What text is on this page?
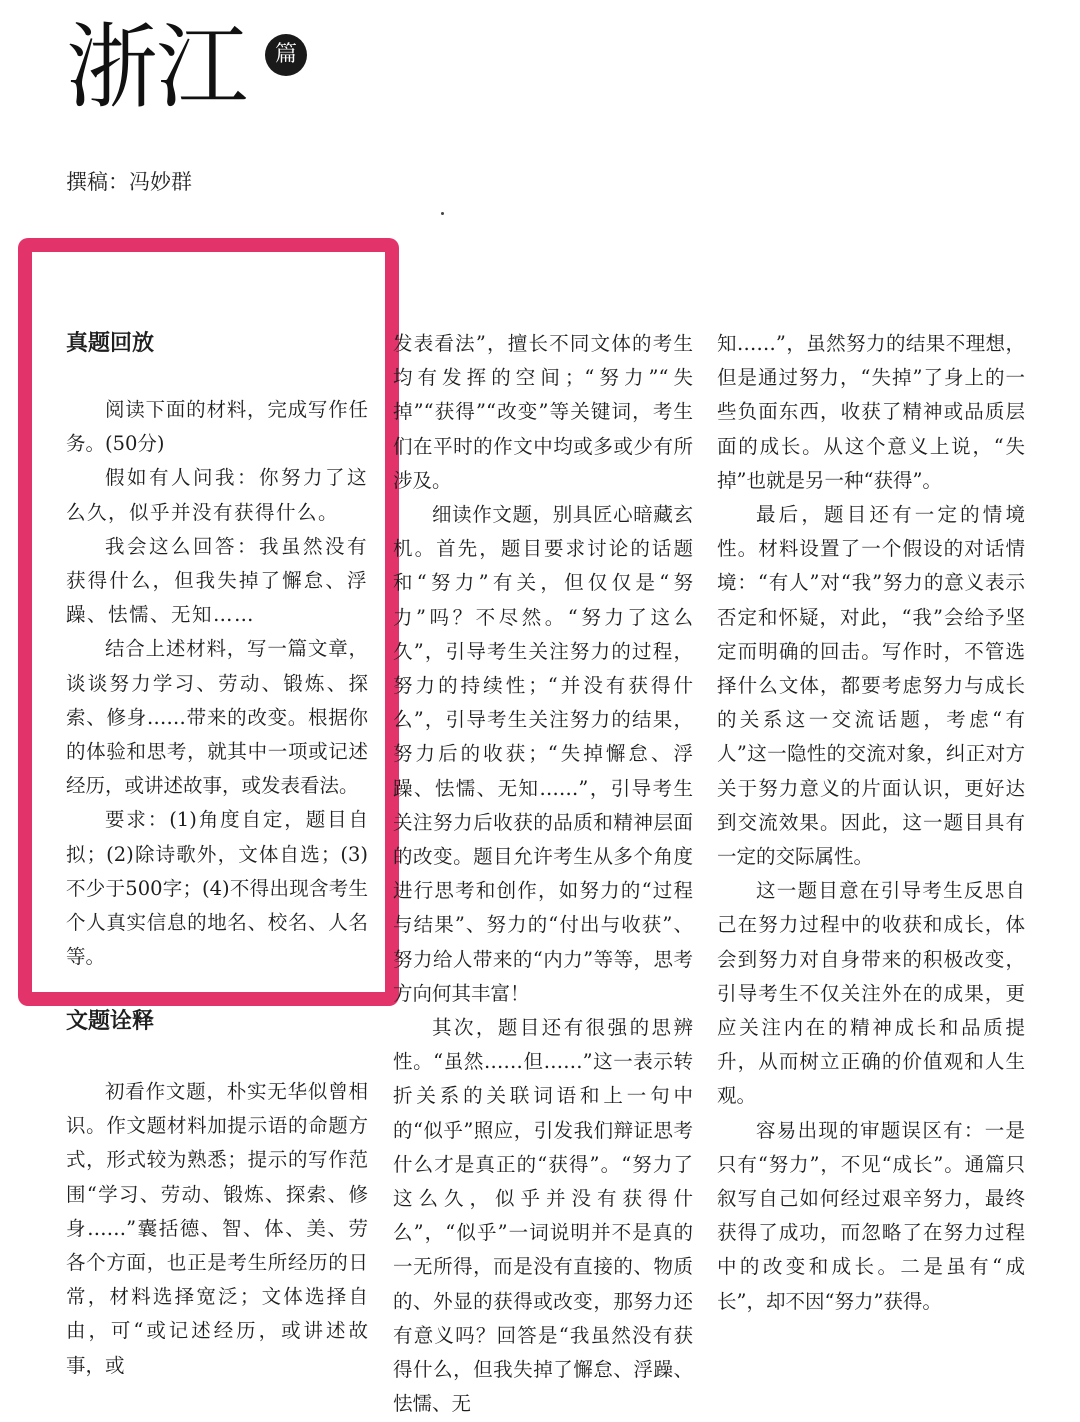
浙江	篇
撰稿：冯妙群

真题回放

阅读下面的材料，完成写作任务。(50分)

假如有人问我：你努力了这么久，似乎并没有获得什么。

我会这么回答：我虽然没有获得什么，但我失掉了懈怠、浮躁、怯懦、无知……

结合上述材料，写一篇文章，谈谈努力学习、劳动、锻炼、探索、修身……带来的改变。根据你的体验和思考，就其中一项或记述经历，或讲述故事，或发表看法。

要求：(1)角度自定，题目自拟；(2)除诗歌外，文体自选；(3)不少于500字；(4)不得出现含考生个人真实信息的地名、校名、人名等。

文题诠释

初看作文题，朴实无华似曾相识。作文题材料加提示语的命题方式，形式较为熟悉；提示的写作范围“学习、劳动、锻炼、探索、修身……”囊括德、智、体、美、劳各个方面，也正是考生所经历的日常，材料选择宽泛；文体选择自由，可“或记述经历，或讲述故事，或

发表看法”，擅长不同文体的考生均有发挥的空间；“努力”“失掉”“获得”“改变”等关键词，考生们在平时的作文中均或多或少有所涉及。

细读作文题，别具匠心暗藏玄机。首先，题目要求讨论的话题和“努力”有关，但仅仅是“努力”吗？不尽然。“努力了这么久”，引导考生关注努力的过程，努力的持续性；“并没有获得什么”，引导考生关注努力的结果，努力后的收获；“失掉懈怠、浮躁、怯懦、无知……”，引导考生关注努力后收获的品质和精神层面的改变。题目允许考生从多个角度进行思考和创作，如努力的“过程与结果”、努力的“付出与收获”、努力给人带来的“内力”等等，思考方向何其丰富！

其次，题目还有很强的思辨性。“虽然……但……”这一表示转折关系的关联词语和上一句中的“似乎”照应，引发我们辩证思考什么才是真正的“获得”。“努力了这么久，似乎并没有获得什么”，“似乎”一词说明并不是真的一无所得，而是没有直接的、物质的、外显的获得或改变，那努力还有意义吗？回答是“我虽然没有获得什么，但我失掉了懈怠、浮躁、怯懦、无

知……”，虽然努力的结果不理想，但是通过努力，“失掉”了身上的一些负面东西，收获了精神或品质层面的成长。从这个意义上说，“失掉”也就是另一种“获得”。

最后，题目还有一定的情境性。材料设置了一个假设的对话情境：“有人”对“我”努力的意义表示否定和怀疑，对此，“我”会给予坚定而明确的回击。写作时，不管选择什么文体，都要考虑努力与成长的关系这一交流话题，考虑“有人”这一隐性的交流对象，纠正对方关于努力意义的片面认识，更好达到交流效果。因此，这一题目具有一定的交际属性。

这一题目意在引导考生反思自己在努力过程中的收获和成长，体会到努力对自身带来的积极改变，引导考生不仅关注外在的成果，更应关注内在的精神成长和品质提升，从而树立正确的价值观和人生观。

容易出现的审题误区有：一是只有“努力”，不见“成长”。通篇只叙写自己如何经过艰辛努力，最终获得了成功，而忽略了在努力过程中的改变和成长。二是虽有“成长”，却不因“努力”获得。
